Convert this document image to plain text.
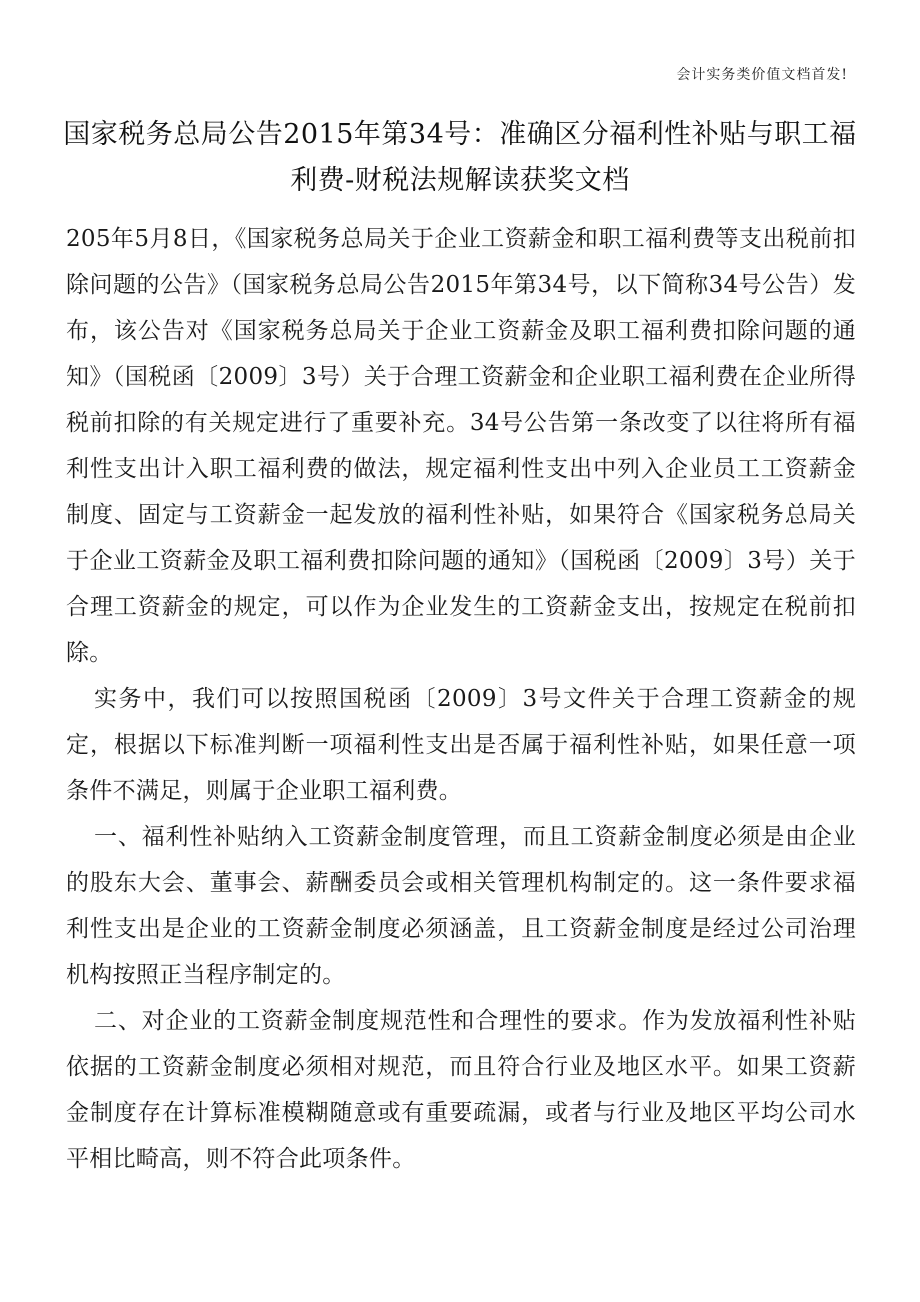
会计实务类价值文档首发!
国家税务总局公告2015年第34号：准确区分福利性补贴与职工福利费-财税法规解读获奖文档

205年5月8日，《国家税务总局关于企业工资薪金和职工福利费等支出税前扣除问题的公告》（国家税务总局公告2015年第34号，以下简称34号公告）发布，该公告对《国家税务总局关于企业工资薪金及职工福利费扣除问题的通知》（国税函〔2009〕3号）关于合理工资薪金和企业职工福利费在企业所得税前扣除的有关规定进行了重要补充。34号公告第一条改变了以往将所有福利性支出计入职工福利费的做法，规定福利性支出中列入企业员工工资薪金制度、固定与工资薪金一起发放的福利性补贴，如果符合《国家税务总局关于企业工资薪金及职工福利费扣除问题的通知》（国税函〔2009〕3号）关于合理工资薪金的规定，可以作为企业发生的工资薪金支出，按规定在税前扣除。

实务中，我们可以按照国税函〔2009〕3号文件关于合理工资薪金的规定，根据以下标准判断一项福利性支出是否属于福利性补贴，如果任意一项条件不满足，则属于企业职工福利费。

一、福利性补贴纳入工资薪金制度管理，而且工资薪金制度必须是由企业的股东大会、董事会、薪酬委员会或相关管理机构制定的。这一条件要求福利性支出是企业的工资薪金制度必须涵盖，且工资薪金制度是经过公司治理机构按照正当程序制定的。

二、对企业的工资薪金制度规范性和合理性的要求。作为发放福利性补贴依据的工资薪金制度必须相对规范，而且符合行业及地区水平。如果工资薪金制度存在计算标准模糊随意或有重要疏漏，或者与行业及地区平均公司水平相比畸高，则不符合此项条件。
